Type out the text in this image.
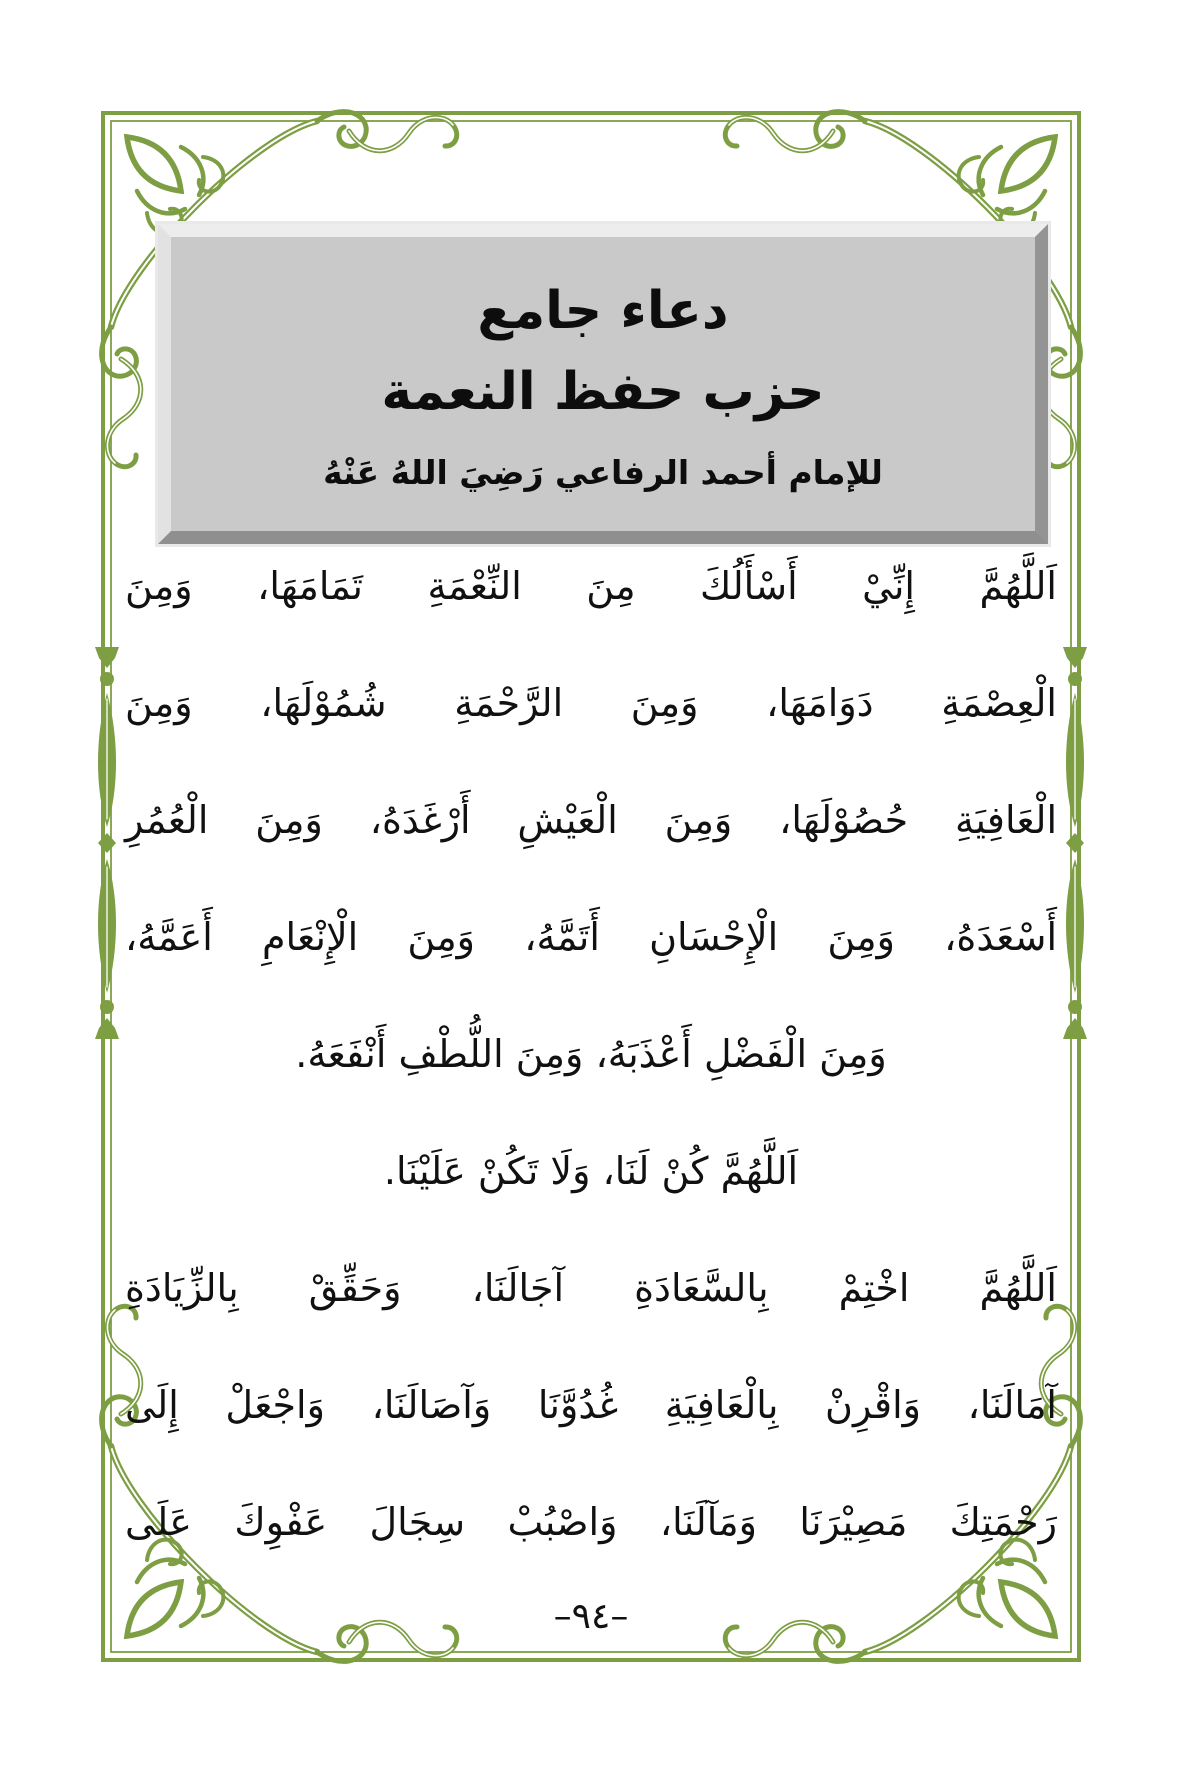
دعاء جامع
حزب حفظ النعمة
للإمام أحمد الرفاعي رَضِيَ اللهُ عَنْهُ
اَللَّهُمَّ إِنِّيْ أَسْأَلُكَ مِنَ النِّعْمَةِ تَمَامَهَا، وَمِنَ
الْعِصْمَةِ دَوَامَهَا، وَمِنَ الرَّحْمَةِ شُمُوْلَهَا، وَمِنَ
الْعَافِيَةِ حُصُوْلَهَا، وَمِنَ الْعَيْشِ أَرْغَدَهُ، وَمِنَ الْعُمُرِ
أَسْعَدَهُ، وَمِنَ الْإِحْسَانِ أَتَمَّهُ، وَمِنَ الْإِنْعَامِ أَعَمَّهُ،
وَمِنَ الْفَضْلِ أَعْذَبَهُ، وَمِنَ اللُّطْفِ أَنْفَعَهُ.
اَللَّهُمَّ كُنْ لَنَا، وَلَا تَكُنْ عَلَيْنَا.
اَللَّهُمَّ اخْتِمْ بِالسَّعَادَةِ آجَالَنَا، وَحَقِّقْ بِالزِّيَادَةِ
آمَالَنَا، وَاقْرِنْ بِالْعَافِيَةِ غُدُوَّنَا وَآصَالَنَا، وَاجْعَلْ إِلَى
رَحْمَتِكَ مَصِيْرَنَا وَمَآلَنَا، وَاصْبُبْ سِجَالَ عَفْوِكَ عَلَى
–٩٤–
